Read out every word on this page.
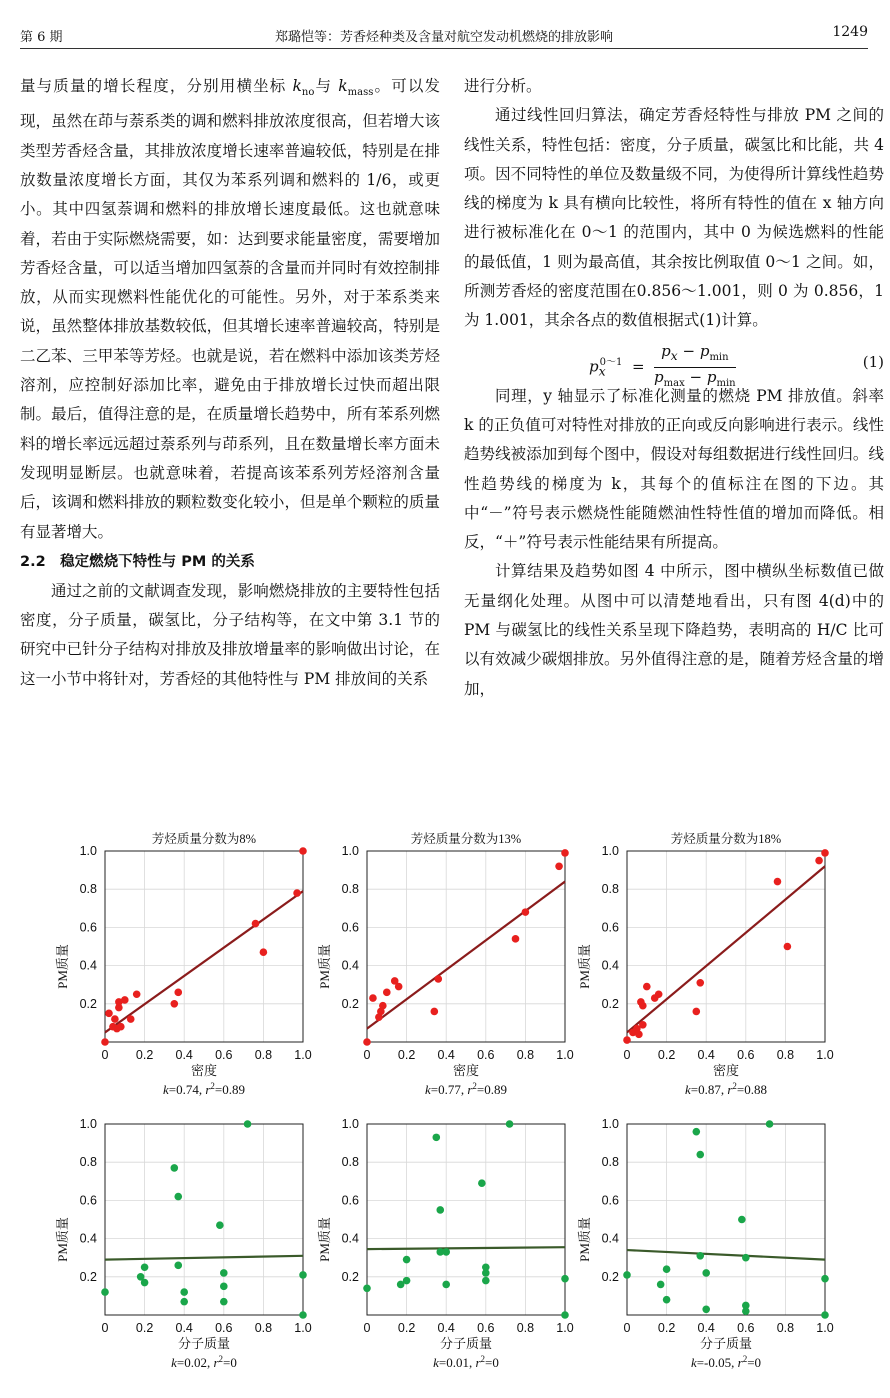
第 6 期	郑璐恺等：芳香烃种类及含量对航空发动机燃烧的排放影响	1249

量与质量的增长程度，分别用横坐标 $k_{no}$与 $k_{mass}$。可以发现，虽然在茚与萘系类的调和燃料排放浓度很高，但若增大该类型芳香烃含量，其排放浓度增长速率普遍较低，特别是在排放数量浓度增长方面，其仅为苯系列调和燃料的 1/6，或更小。其中四氢萘调和燃料的排放增长速度最低。这也就意味着，若由于实际燃烧需要，如：达到要求能量密度，需要增加芳香烃含量，可以适当增加四氢萘的含量而并同时有效控制排放，从而实现燃料性能优化的可能性。另外，对于苯系类来说，虽然整体排放基数较低，但其增长速率普遍较高，特别是二乙苯、三甲苯等芳烃。也就是说，若在燃料中添加该类芳烃溶剂，应控制好添加比率，避免由于排放增长过快而超出限制。最后，值得注意的是，在质量增长趋势中，所有苯系列燃料的增长率远远超过萘系列与茚系列，且在数量增长率方面未发现明显断层。也就意味着，若提高该苯系列芳烃溶剂含量后，该调和燃料排放的颗粒数变化较小，但是单个颗粒的质量有显著增大。

2.2　稳定燃烧下特性与 PM 的关系

通过之前的文献调查发现，影响燃烧排放的主要特性包括密度，分子质量，碳氢比，分子结构等，在文中第 3.1 节的研究中已针分子结构对排放及排放增量率的影响做出讨论，在这一小节中将针对，芳香烃的其他特性与 PM 排放间的关系

进行分析。

通过线性回归算法，确定芳香烃特性与排放 PM 之间的线性关系，特性包括：密度，分子质量，碳氢比和比能，共 4 项。因不同特性的单位及数量级不同，为使得所计算线性趋势线的梯度为 k 具有横向比较性，将所有特性的值在 x 轴方向进行被标准化在 0～1 的范围内，其中 0 为候选燃料的性能的最低值，1 则为最高值，其余按比例取值 0～1 之间。如，所测芳香烃的密度范围在0.856～1.001，则 0 为 0.856，1 为 1.001，其余各点的数值根据式(1)计算。

$p_x^{0\sim 1} = \frac{p_x - p_{min}}{p_{max} - p_{min}}$	(1)

同理，y 轴显示了标准化测量的燃烧 PM 排放值。斜率 k 的正负值可对特性对排放的正向或反向影响进行表示。线性趋势线被添加到每个图中，假设对每组数据进行线性回归。线性趋势线的梯度为 k，其每个的值标注在图的下边。其中“－”符号表示燃烧性能随燃油性特性值的增加而降低。相反，“＋”符号表示性能结果有所提高。

计算结果及趋势如图 4 中所示，图中横纵坐标数值已做无量纲化处理。从图中可以清楚地看出，只有图 4(d)中的 PM 与碳氢比的线性关系呈现下降趋势，表明高的 H/C 比可以有效减少碳烟排放。另外值得注意的是，随着芳烃含量的增加，

0
0.2
0.2
0.4
0.4
0.6
0.6
0.8
0.8
1.0
1.0
芳烃质量分数为8%
密度
PM质量
k=0.74, $r^2=0.89$
0
0.2
0.2
0.4
0.4
0.6
0.6
0.8
0.8
1.0
1.0
芳烃质量分数为13%
密度
PM质量
k=0.77, $r^2=0.89$
0
0.2
0.2
0.4
0.4
0.6
0.6
0.8
0.8
1.0
1.0
芳烃质量分数为18%
密度
PM质量
k=0.87, $r^2=0.88$
0
0.2
0.2
0.4
0.4
0.6
0.6
0.8
0.8
1.0
1.0
分子质量
PM质量
k=0.02, $r^2=0$
0
0.2
0.2
0.4
0.4
0.6
0.6
0.8
0.8
1.0
1.0
分子质量
PM质量
k=0.01, $r^2=0$
0
0.2
0.2
0.4
0.4
0.6
0.6
0.8
0.8
1.0
1.0
分子质量
PM质量
k=-0.05, $r^2=0$
